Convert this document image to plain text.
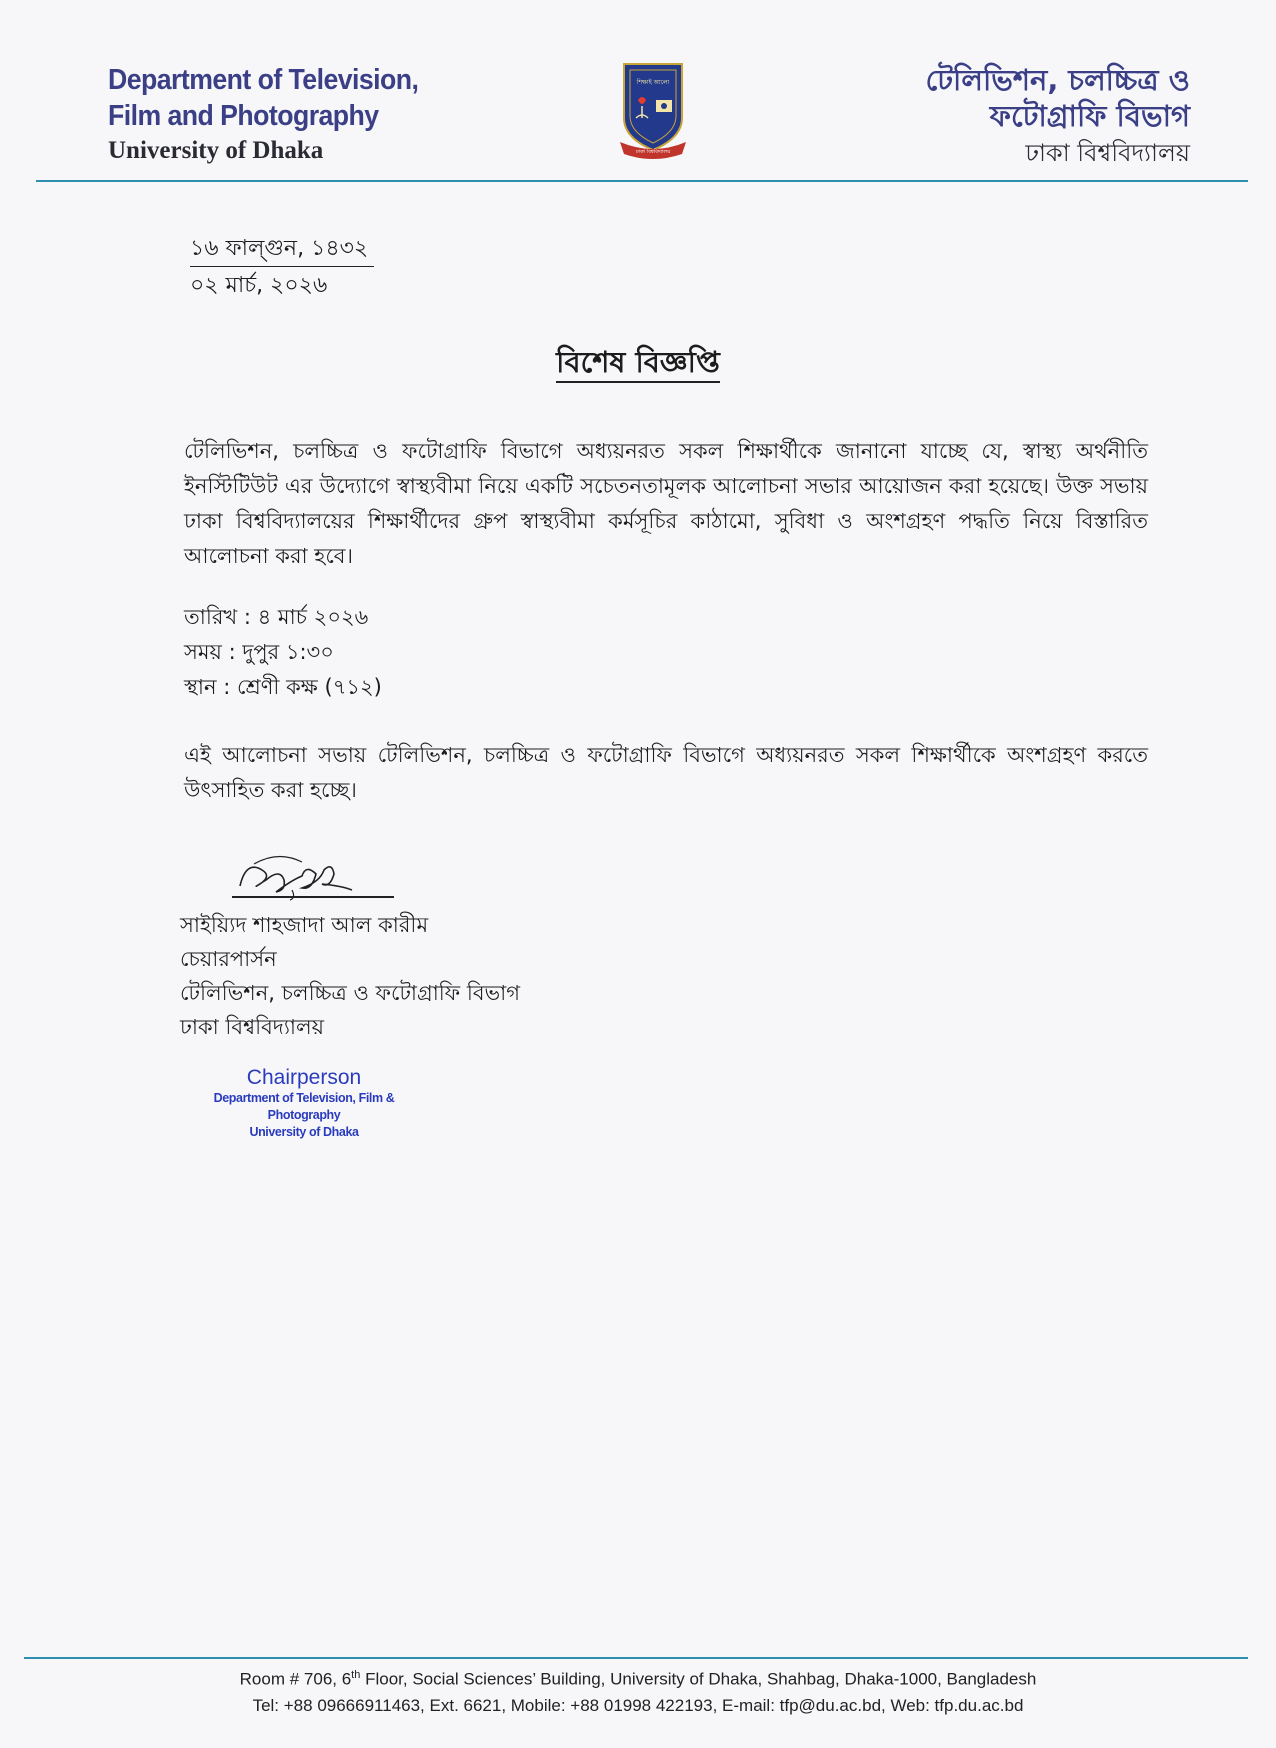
Department of Television,
Film and Photography
University of Dhaka
শিক্ষাই আলো
ঢাকা বিশ্ববিদ্যালয়
টেলিভিশন, চলচ্চিত্র ও
ফটোগ্রাফি বিভাগ
ঢাকা বিশ্ববিদ্যালয়
১৬ ফাল্গুন, ১৪৩২
০২ মার্চ, ২০২৬
বিশেষ বিজ্ঞপ্তি
টেলিভিশন, চলচ্চিত্র ও ফটোগ্রাফি বিভাগে অধ্যয়নরত সকল শিক্ষার্থীকে জানানো যাচ্ছে যে, স্বাস্থ্য অর্থনীতি ইনস্টিটিউট এর উদ্যোগে স্বাস্থ্যবীমা নিয়ে একটি সচেতনতামূলক আলোচনা সভার আয়োজন করা হয়েছে। উক্ত সভায় ঢাকা বিশ্ববিদ্যালয়ের শিক্ষার্থীদের গ্রুপ স্বাস্থ্যবীমা কর্মসূচির কাঠামো, সুবিধা ও অংশগ্রহণ পদ্ধতি নিয়ে বিস্তারিত আলোচনা করা হবে।
তারিখ : ৪ মার্চ ২০২৬
সময় : দুপুর ১:৩০
স্থান : শ্রেণী কক্ষ (৭১২)
এই আলোচনা সভায় টেলিভিশন, চলচ্চিত্র ও ফটোগ্রাফি বিভাগে অধ্যয়নরত সকল শিক্ষার্থীকে অংশগ্রহণ করতে উৎসাহিত করা হচ্ছে।
সাইয়্যিদ শাহজাদা আল কারীম
চেয়ারপার্সন
টেলিভিশন, চলচ্চিত্র ও ফটোগ্রাফি বিভাগ
ঢাকা বিশ্ববিদ্যালয়
Chairperson
Department of Television, Film & Photography
University of Dhaka
Room # 706, 6th Floor, Social Sciences’ Building, University of Dhaka, Shahbag, Dhaka-1000, Bangladesh
Tel: +88 09666911463, Ext. 6621, Mobile: +88 01998 422193, E-mail: tfp@du.ac.bd, Web: tfp.du.ac.bd
